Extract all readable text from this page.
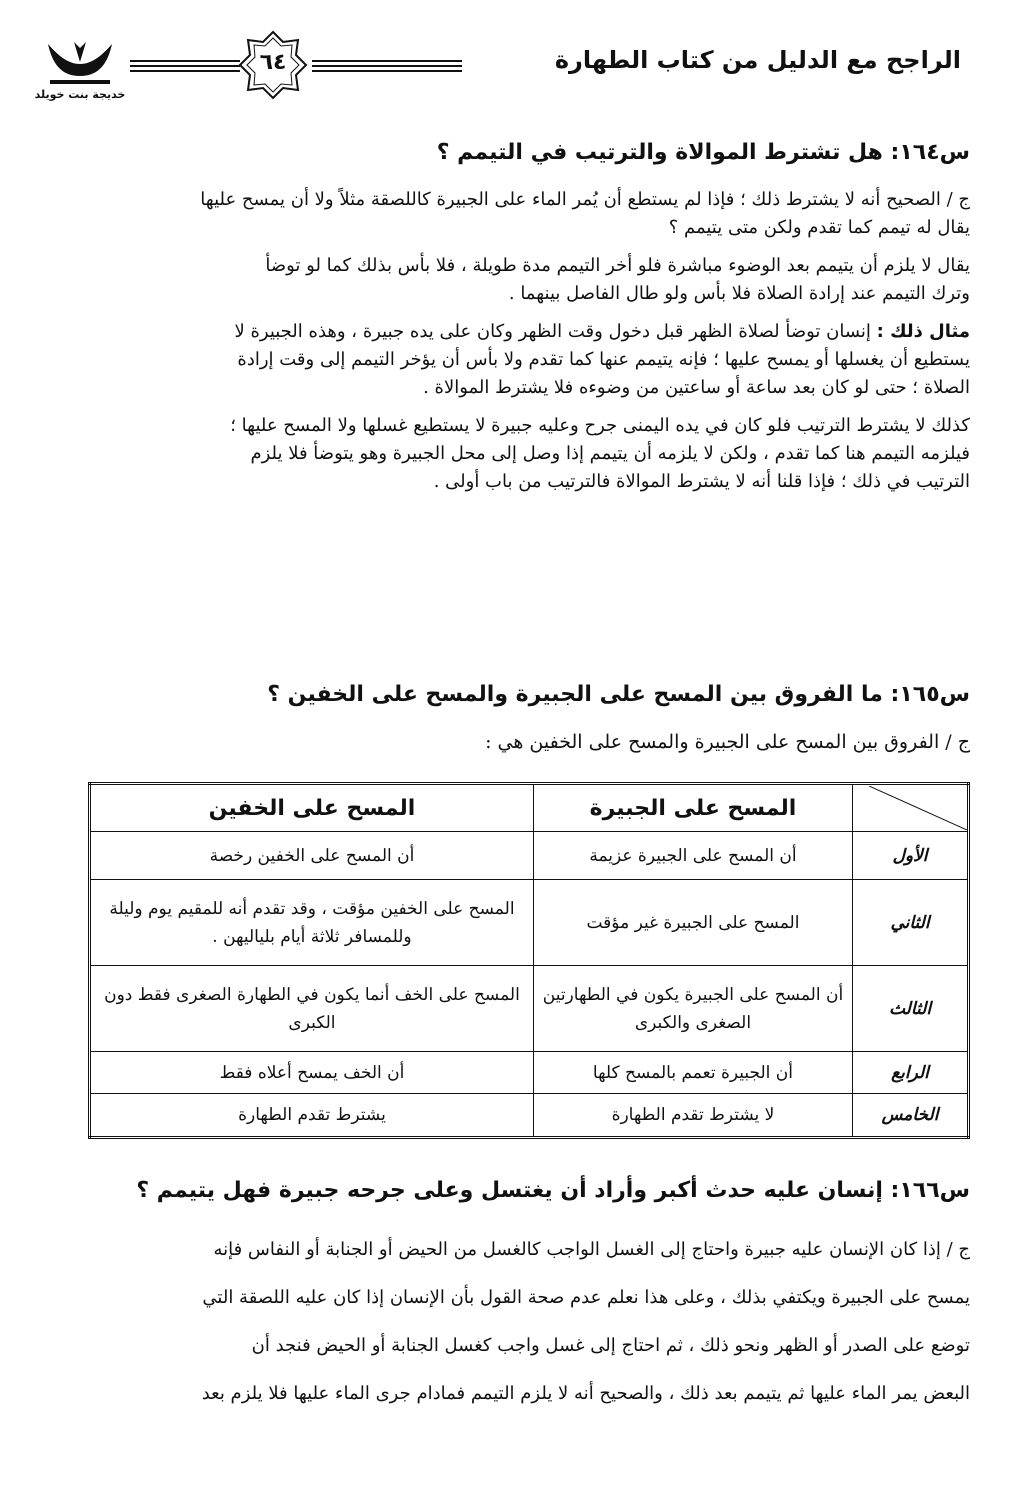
الراجح مع الدليل من كتاب الطهارة
٦٤
خديجة بنت خويلد
س١٦٤: هل تشترط الموالاة والترتيب في التيمم ؟
ج / الصحيح أنه لا يشترط ذلك ؛ فإذا لم يستطع أن يُمر الماء على الجبيرة كاللصقة مثلاً ولا أن يمسح عليها
يقال له تيمم كما تقدم ولكن متى يتيمم ؟
يقال لا يلزم أن يتيمم بعد الوضوء مباشرة فلو أخر التيمم مدة طويلة ، فلا بأس بذلك كما لو توضأ
وترك التيمم عند إرادة الصلاة فلا بأس ولو طال الفاصل بينهما .
مثال ذلك : إنسان توضأ لصلاة الظهر قبل دخول وقت الظهر وكان على يده جبيرة ، وهذه الجبيرة لا
يستطيع أن يغسلها أو يمسح عليها ؛ فإنه يتيمم عنها كما تقدم ولا بأس أن يؤخر التيمم إلى وقت إرادة
الصلاة ؛ حتى لو كان بعد ساعة أو ساعتين من وضوءه فلا يشترط الموالاة .
كذلك لا يشترط الترتيب فلو كان في يده اليمنى جرح وعليه جبيرة لا يستطيع غسلها ولا المسح عليها ؛
فيلزمه التيمم هنا كما تقدم ، ولكن لا يلزمه أن يتيمم إذا وصل إلى محل الجبيرة وهو يتوضأ فلا يلزم
الترتيب في ذلك ؛ فإذا قلنا أنه لا يشترط الموالاة فالترتيب من باب أولى .
س١٦٥: ما الفروق بين المسح على الجبيرة والمسح على الخفين ؟
ج / الفروق بين المسح على الجبيرة والمسح على الخفين هي :
	المسح على الجبيرة	المسح على الخفين
الأول	أن المسح على الجبيرة عزيمة	أن المسح على الخفين رخصة
الثاني	المسح على الجبيرة غير مؤقت	المسح على الخفين مؤقت ، وقد تقدم أنه للمقيم يوم وليلة وللمسافر ثلاثة أيام بلياليهن .
الثالث	أن المسح على الجبيرة يكون في الطهارتين الصغرى والكبرى	المسح على الخف أنما يكون في الطهارة الصغرى فقط دون الكبرى
الرابع	أن الجبيرة تعمم بالمسح كلها	أن الخف يمسح أعلاه فقط
الخامس	لا يشترط تقدم الطهارة	يشترط تقدم الطهارة
س١٦٦: إنسان عليه حدث أكبر وأراد أن يغتسل وعلى جرحه جبيرة فهل يتيمم ؟
ج / إذا كان الإنسان عليه جبيرة واحتاج إلى الغسل الواجب كالغسل من الحيض أو الجنابة أو النفاس فإنه
يمسح على الجبيرة ويكتفي بذلك ، وعلى هذا نعلم عدم صحة القول بأن الإنسان إذا كان عليه اللصقة التي
توضع على الصدر أو الظهر ونحو ذلك ، ثم احتاج إلى غسل واجب كغسل الجنابة أو الحيض فنجد أن
البعض يمر الماء عليها ثم يتيمم بعد ذلك ، والصحيح أنه لا يلزم التيمم فمادام جرى الماء عليها فلا يلزم بعد
